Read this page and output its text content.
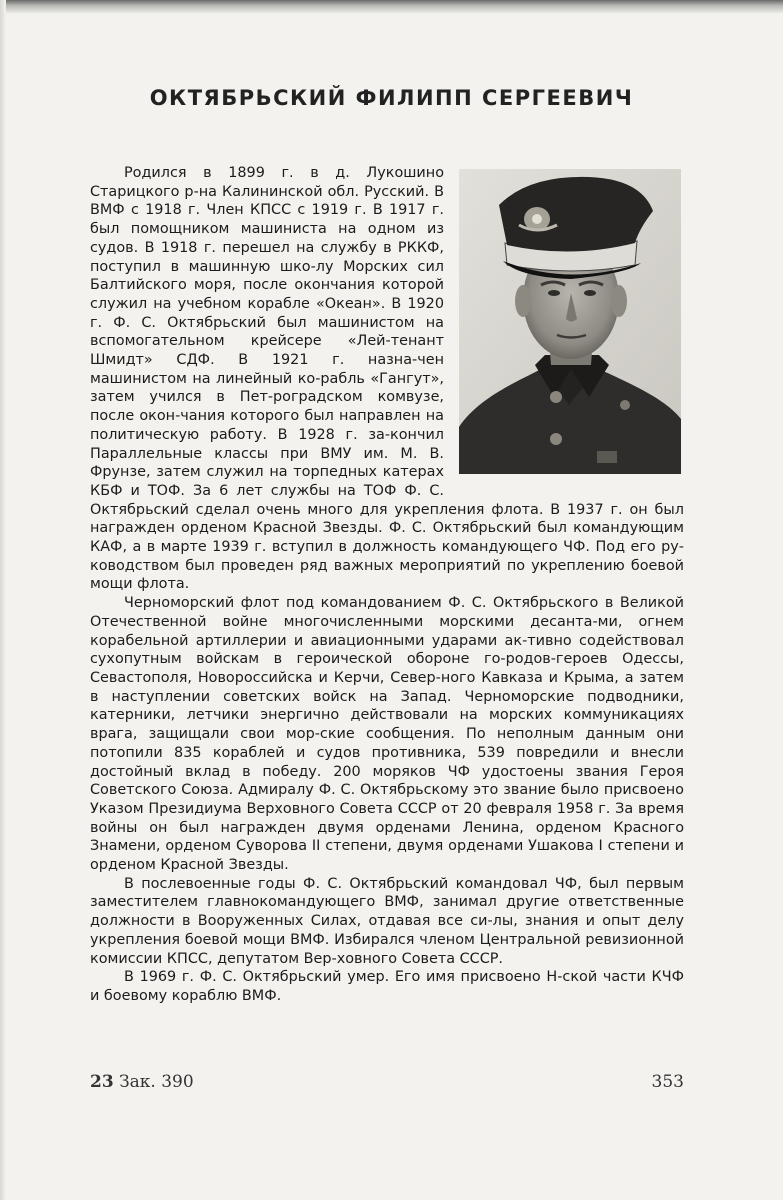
ОКТЯБРЬСКИЙ ФИЛИПП СЕРГЕЕВИЧ

Родился в 1899 г. в д. Лукошино Старицкого р-на Калининской обл. Русский. В ВМФ с 1918 г. Член КПСС с 1919 г. В 1917 г. был помощником машиниста на одном из судов. В 1918 г. перешел на службу в РККФ, поступил в машинную шко-лу Морских сил Балтийского моря, после окончания которой служил на учебном корабле «Океан». В 1920 г. Ф. С. Октябрьский был машинистом на вспомогательном крейсере «Лей-тенант Шмидт» СДФ. В 1921 г. назна-чен машинистом на линейный ко-рабль «Гангут», затем учился в Пет-роградском комвузе, после окон-чания которого был направлен на политическую работу. В 1928 г. за-кончил Параллельные классы при ВМУ им. М. В. Фрунзе, затем служил на торпедных катерах КБФ и ТОФ. За 6 лет службы на ТОФ Ф. С. Октябрьский сделал очень много для укрепления флота. В 1937 г. он был награжден орденом Красной Звезды. Ф. С. Октябрьский был командующим КАФ, а в марте 1939 г. вступил в должность командующего ЧФ. Под его ру-ководством был проведен ряд важных мероприятий по укреплению боевой мощи флота.

Черноморский флот под командованием Ф. С. Октябрьского в Великой Отечественной войне многочисленными морскими десанта-ми, огнем корабельной артиллерии и авиационными ударами ак-тивно содействовал сухопутным войскам в героической обороне го-родов-героев Одессы, Севастополя, Новороссийска и Керчи, Север-ного Кавказа и Крыма, а затем в наступлении советских войск на Запад. Черноморские подводники, катерники, летчики энергично действовали на морских коммуникациях врага, защищали свои мор-ские сообщения. По неполным данным они потопили 835 кораблей и судов противника, 539 повредили и внесли достойный вклад в победу. 200 моряков ЧФ удостоены звания Героя Советского Союза. Адмиралу Ф. С. Октябрьскому это звание было присвоено Указом Президиума Верховного Совета СССР от 20 февраля 1958 г. За время войны он был награжден двумя орденами Ленина, орденом Красного Знамени, орденом Суворова II степени, двумя орденами Ушакова I степени и орденом Красной Звезды.

В послевоенные годы Ф. С. Октябрьский командовал ЧФ, был первым заместителем главнокомандующего ВМФ, занимал другие ответственные должности в Вооруженных Силах, отдавая все си-лы, знания и опыт делу укрепления боевой мощи ВМФ. Избирался членом Центральной ревизионной комиссии КПСС, депутатом Вер-ховного Совета СССР.

В 1969 г. Ф. С. Октябрьский умер. Его имя присвоено Н-ской части КЧФ и боевому кораблю ВМФ.

23 Зак. 390	353
